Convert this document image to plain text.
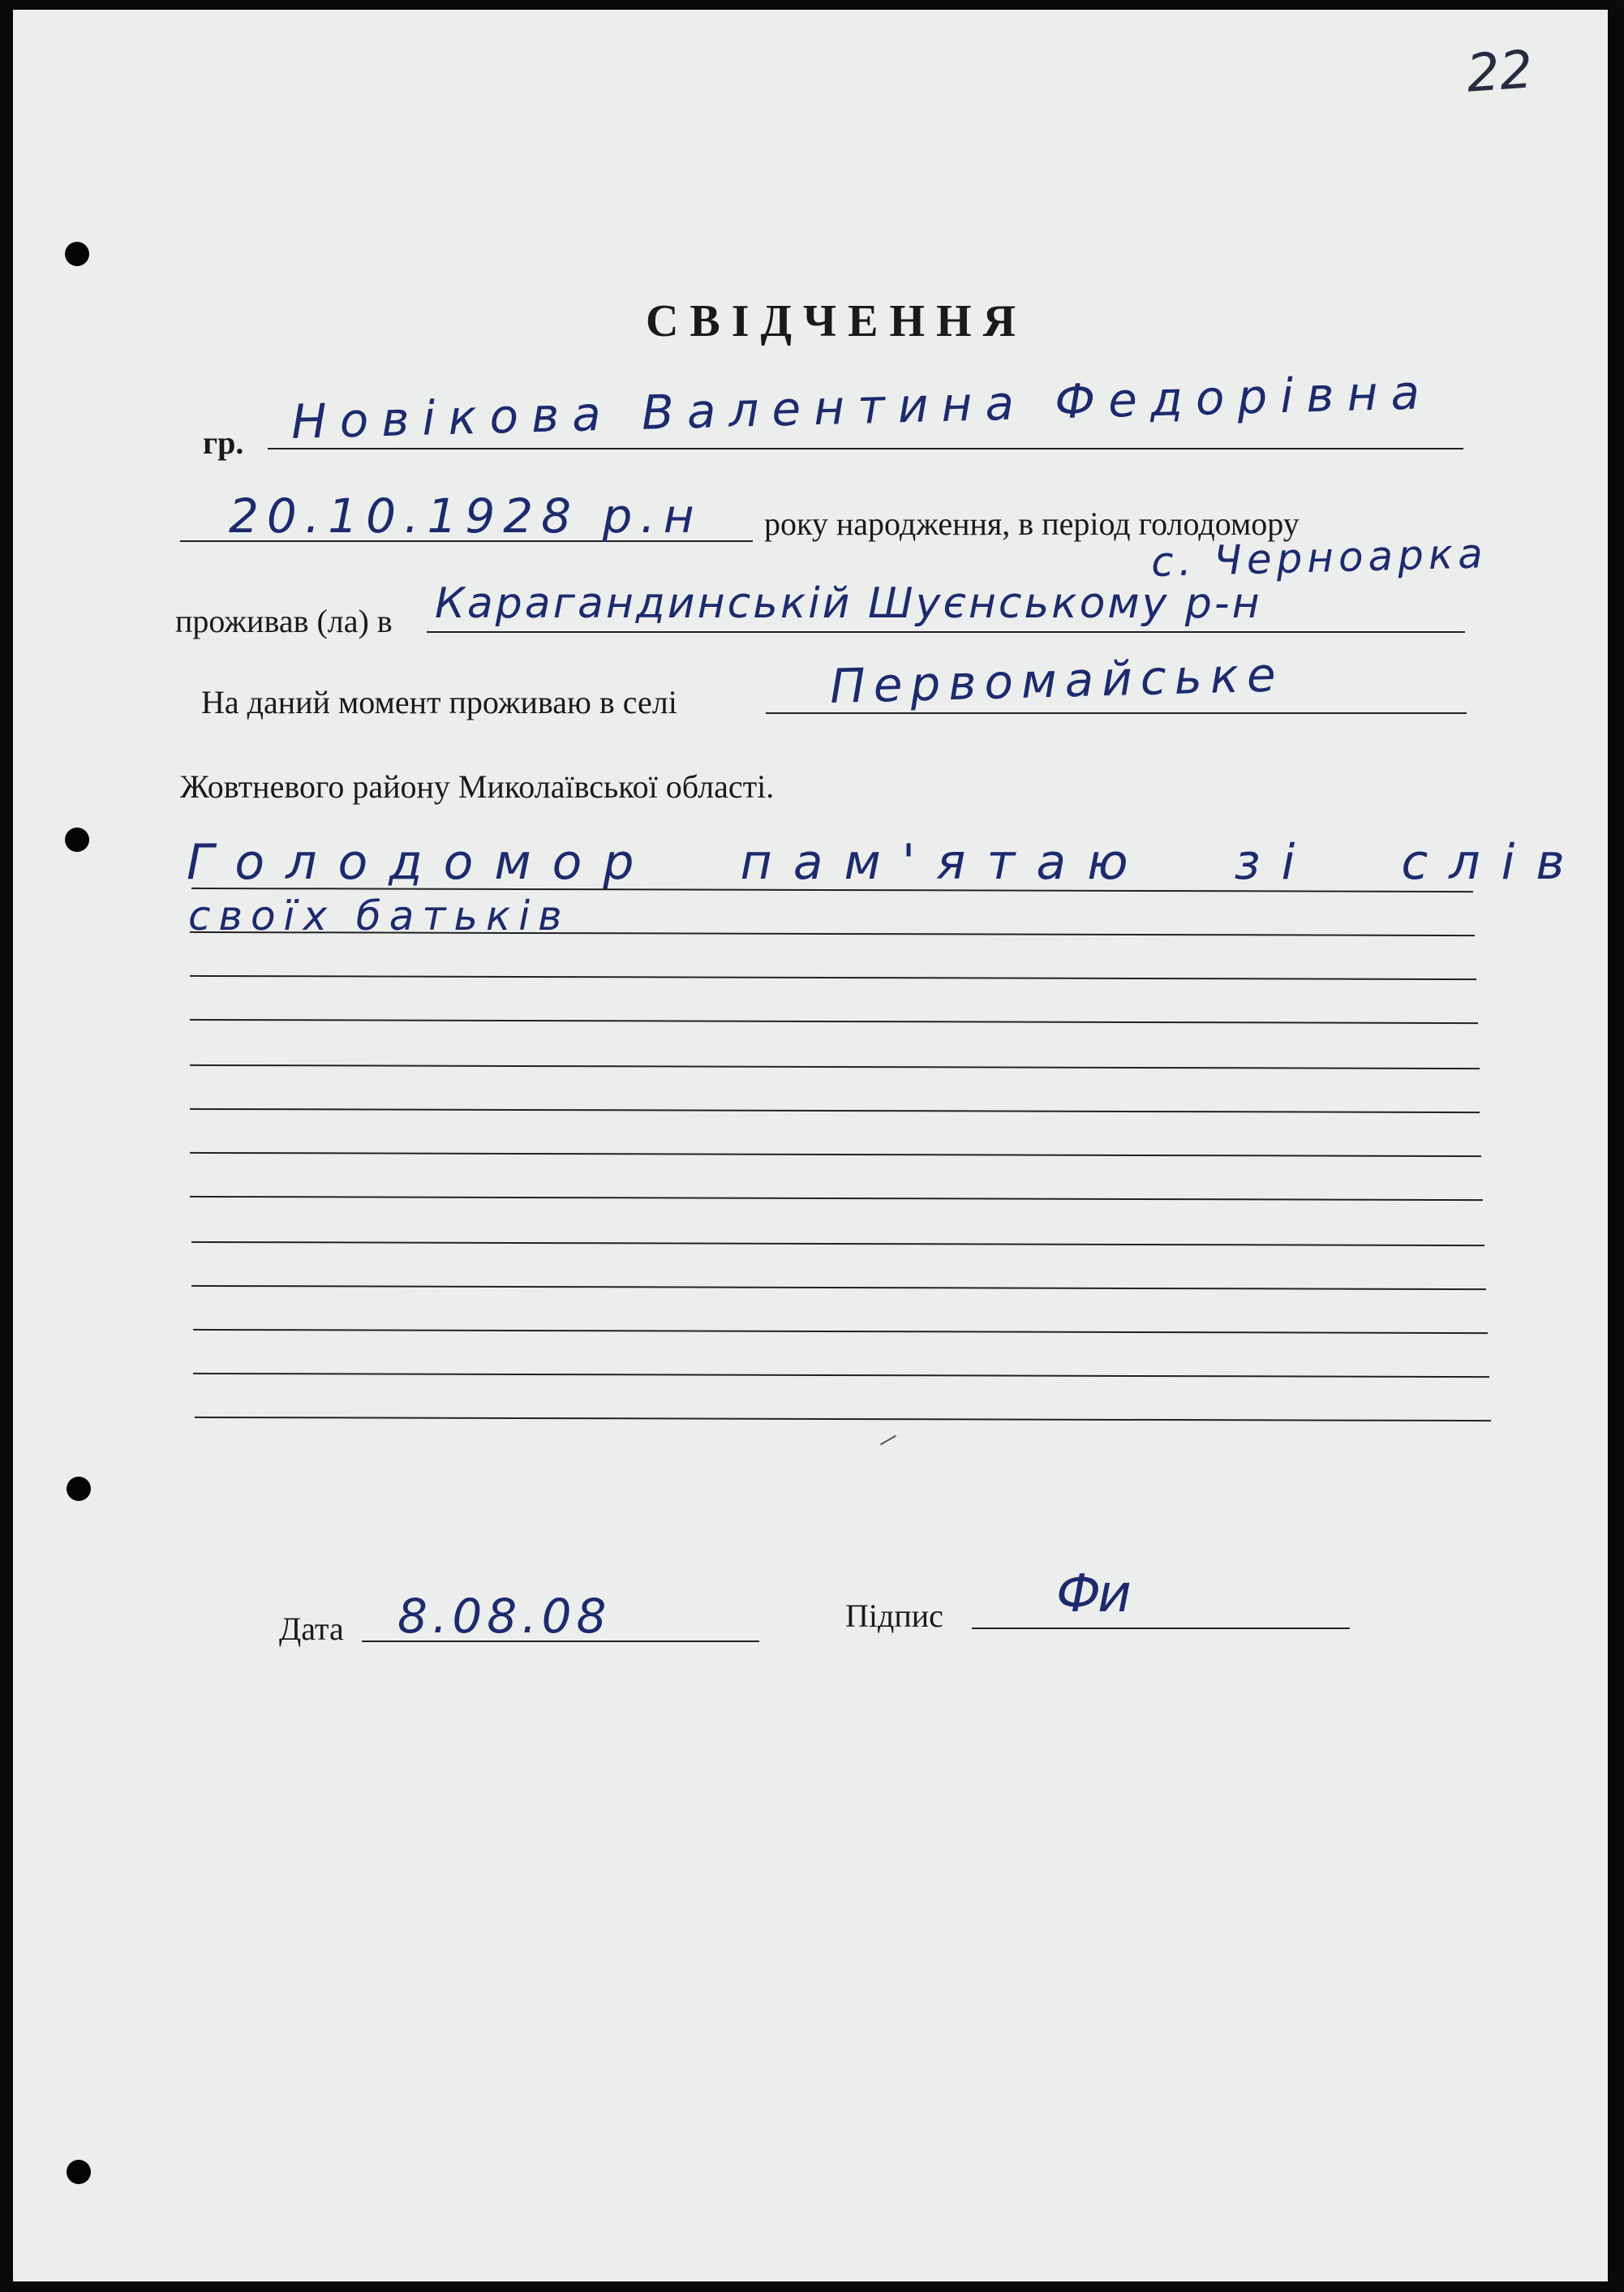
22
СВІДЧЕННЯ
гр. Новікова Валентина Федорівна
20.10.1928 р.н року народження, в період голодомору
с. Черноарка
проживав (ла) в Карагандинській Шуєнському р-н
На даний момент проживаю в селі	Первомайське
Жовтневого району Миколаївської області.
Голодомор пам'ятаю зі слів
своїх батьків
Дата 8.08.08	Підпис Фи
